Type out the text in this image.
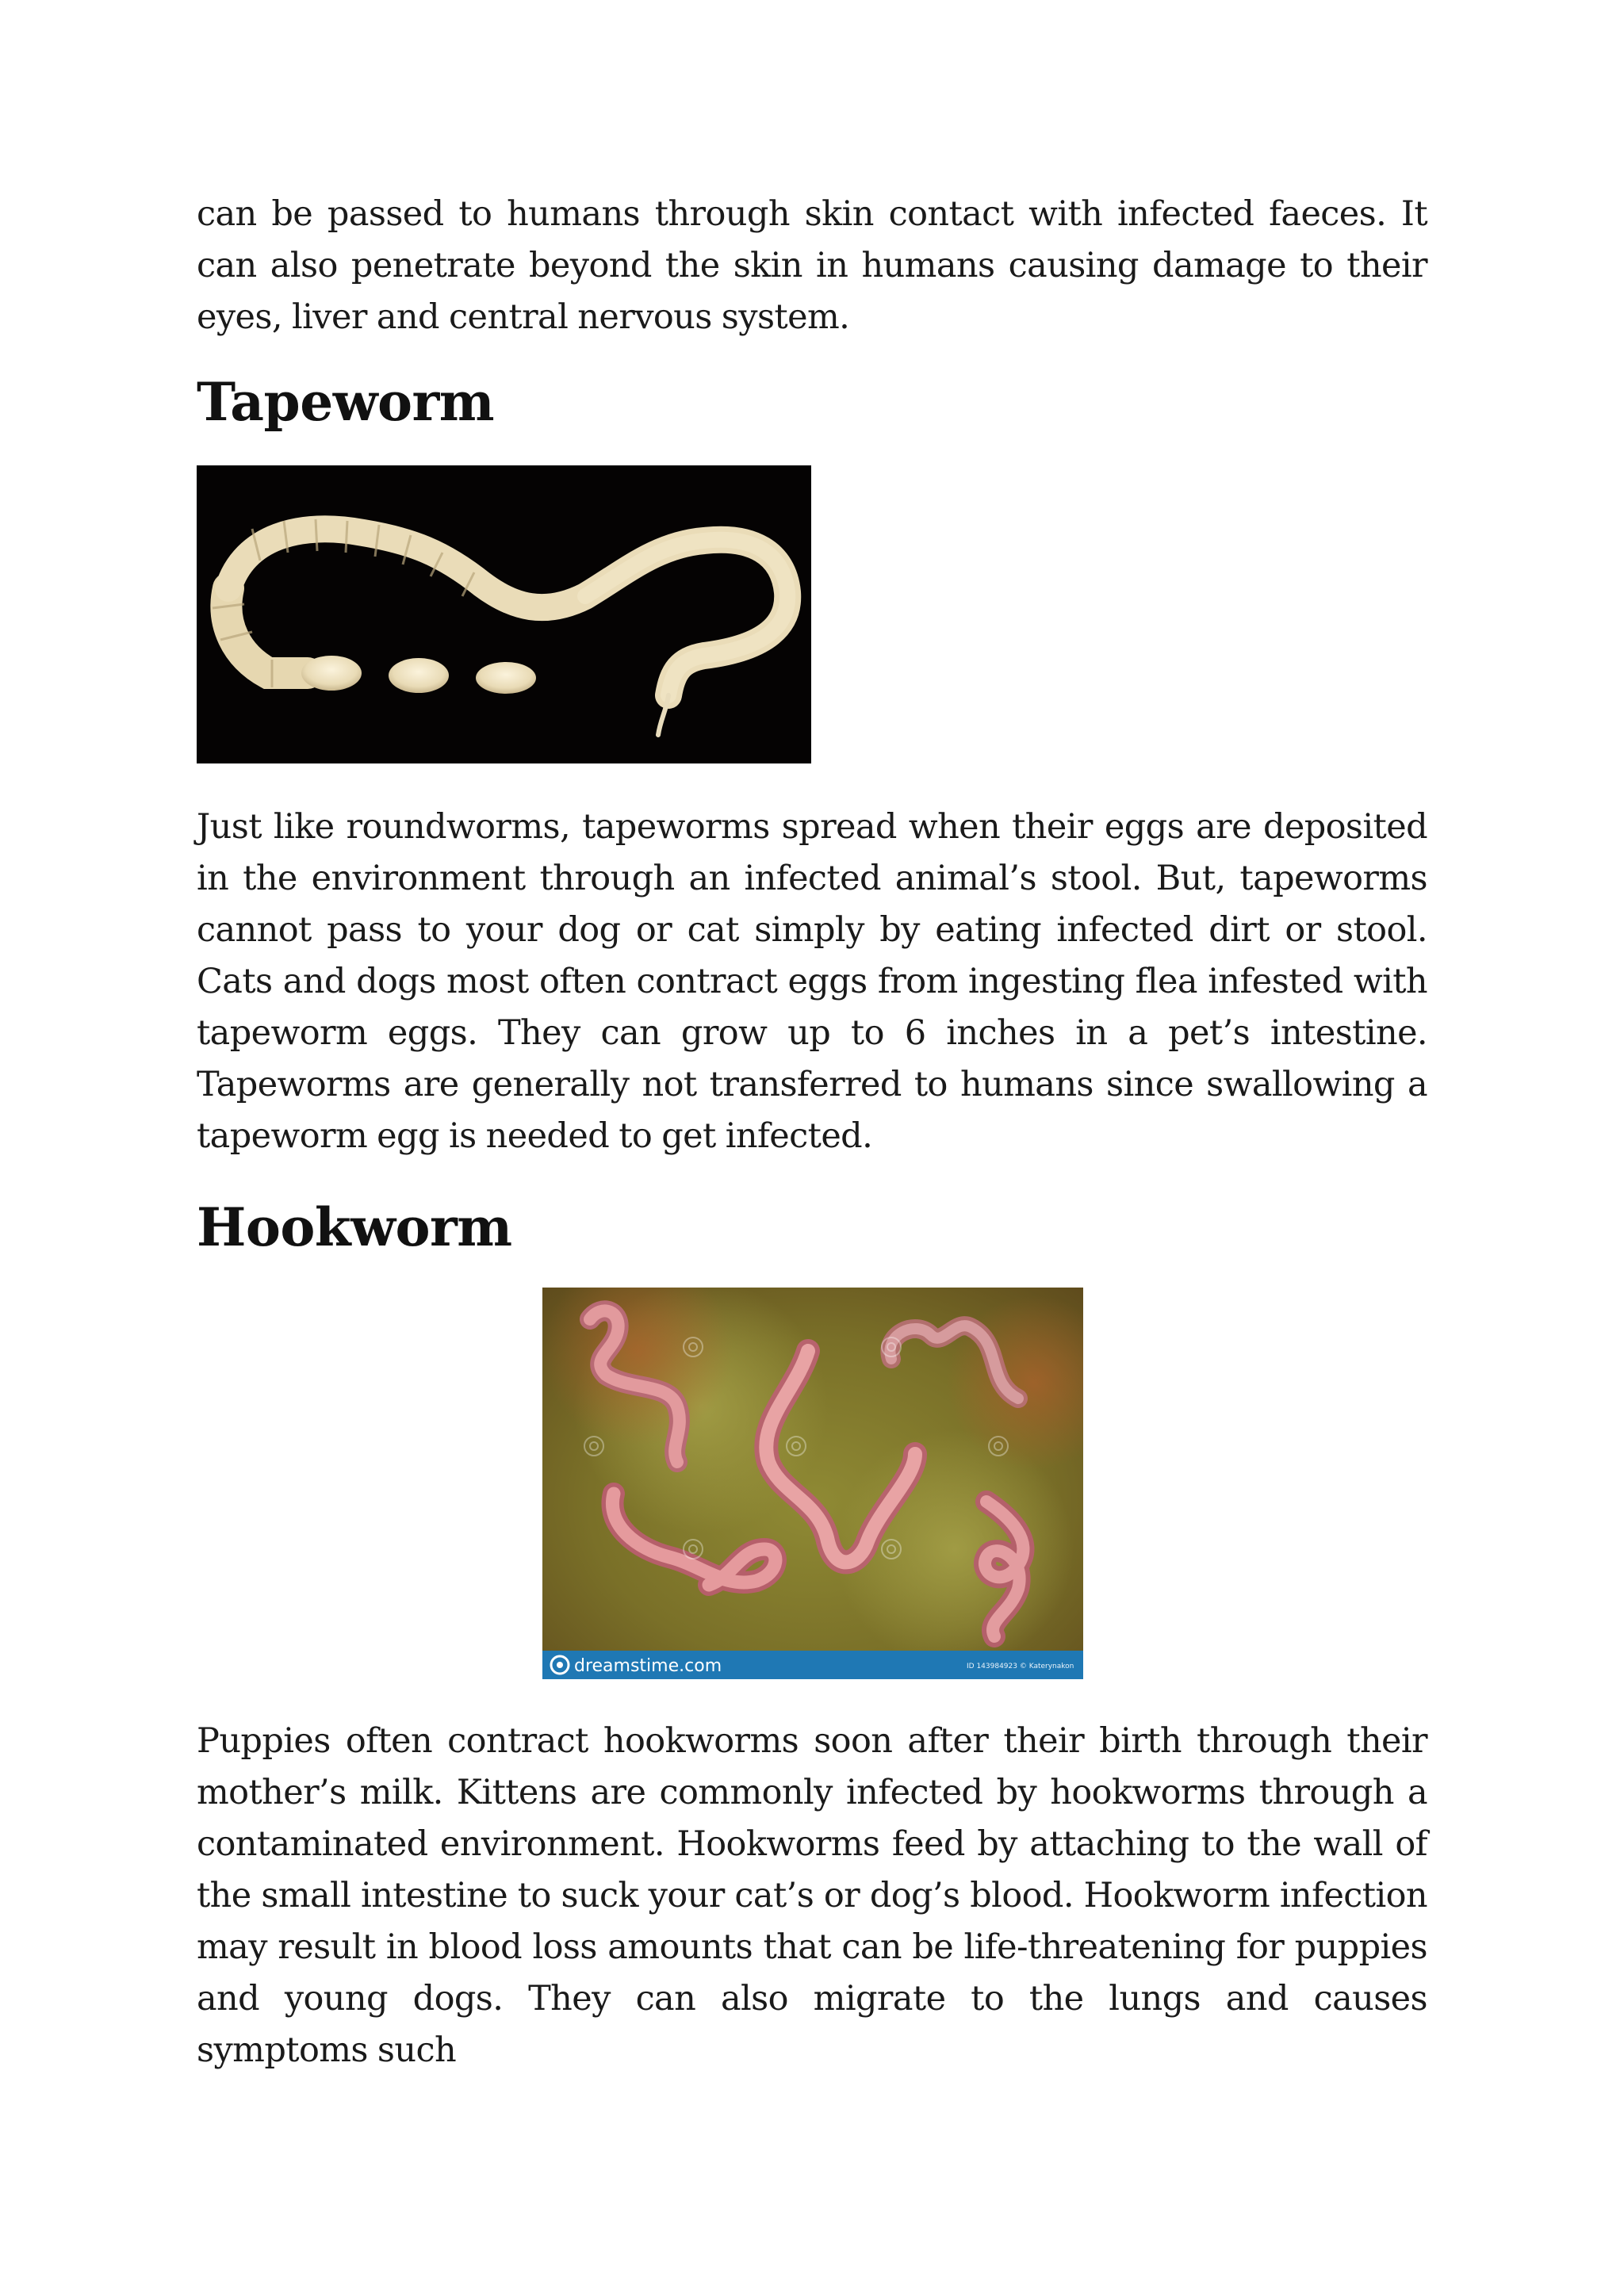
can be passed to humans through skin contact with infected faeces. It can also penetrate beyond the skin in humans causing damage to their eyes, liver and central nervous system.

Tapeworm

Just like roundworms, tapeworms spread when their eggs are deposited in the environment through an infected animal’s stool. But, tapeworms cannot pass to your dog or cat simply by eating infected dirt or stool. Cats and dogs most often contract eggs from ingesting flea infested with tapeworm eggs. They can grow up to 6 inches in a pet’s intestine. Tapeworms are generally not transferred to humans since swallowing a tapeworm egg is needed to get infected.

Hookworm
dreamstime.com	ID 143984923 © Katerynakon

Puppies often contract hookworms soon after their birth through their mother’s milk. Kittens are commonly infected by hookworms through a contaminated environment. Hookworms feed by attaching to the wall of the small intestine to suck your cat’s or dog’s blood. Hookworm infection may result in blood loss amounts that can be life-threatening for puppies and young dogs. They can also migrate to the lungs and causes symptoms such
